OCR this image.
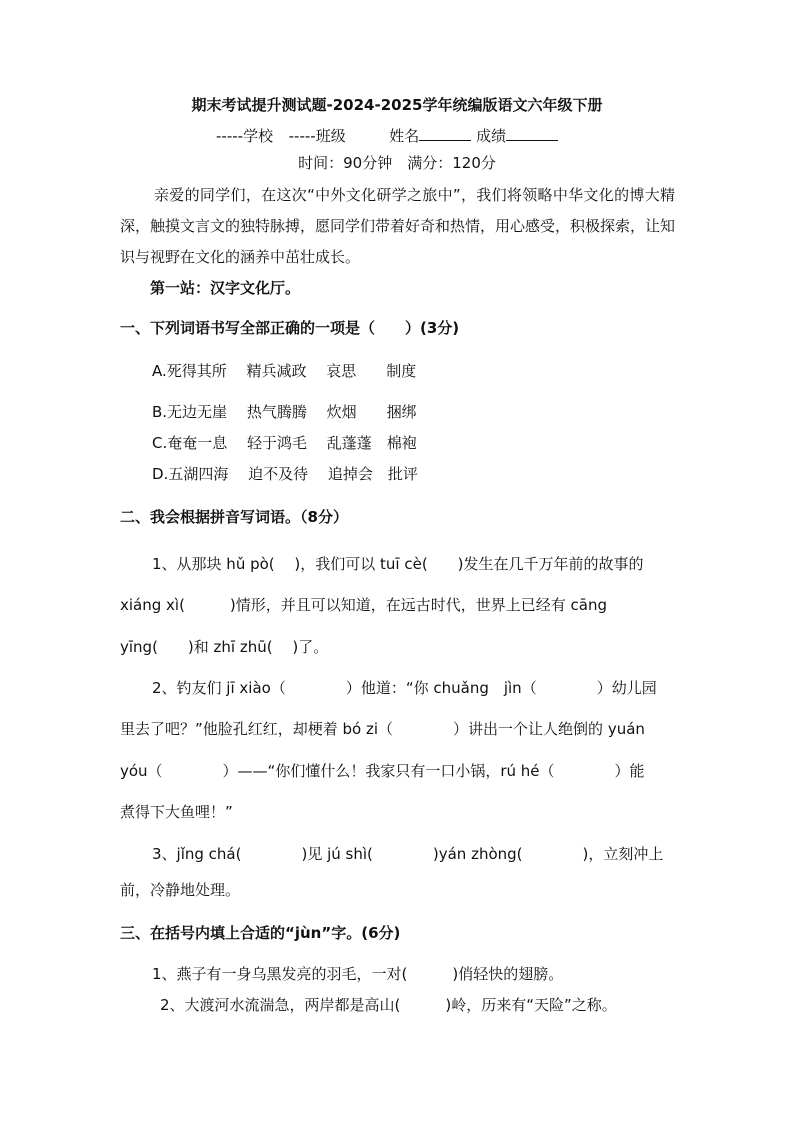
期末考试提升测试题-2024-2025学年统编版语文六年级下册
-----学校 -----班级	姓名	成绩
时间：90分钟　满分：120分
亲爱的同学们，在这次“中外文化研学之旅中”，我们将领略中华文化的博大精深，触摸文言文的独特脉搏，愿同学们带着好奇和热情，用心感受，积极探索，让知识与视野在文化的涵养中茁壮成长。
第一站：汉字文化厅。
一、下列词语书写全部正确的一项是（　　）(3分)
A.死得其所　 精兵减政　 哀思　　制度
B.无边无崖　 热气腾腾　 炊烟　　捆绑
C.奄奄一息　 轻于鸿毛　 乱蓬蓬　棉袍
D.五湖四海　 迫不及待　 追掉会　批评
二、我会根据拼音写词语。（8分）
1、从那块 hǔ pò(　 )，我们可以 tuī cè(　　)发生在几千万年前的故事的
xiáng xì(　　　)情形，并且可以知道，在远古时代，世界上已经有 cāng
yīng(　　)和 zhī zhū(　 )了。
2、钓友们 jī xiào（　　　　）他道：“你 chuǎng　jìn（　　　　）幼儿园
里去了吧？”他脸孔红红，却梗着 bó zi（　　　　）讲出一个让人绝倒的 yuán
yóu（　　　　）——“你们懂什么！我家只有一口小锅，rú hé（　　　　）能
煮得下大鱼哩！”
3、jǐng chá(　　　　)见 jú shì(　　　　)yán zhòng(　　　　)，立刻冲上
前，冷静地处理。
三、在括号内填上合适的“jùn”字。(6分)
1、燕子有一身乌黑发亮的羽毛，一对(　　　)俏轻快的翅膀。
2、大渡河水流湍急，两岸都是高山(　　　)岭，历来有“天险”之称。
